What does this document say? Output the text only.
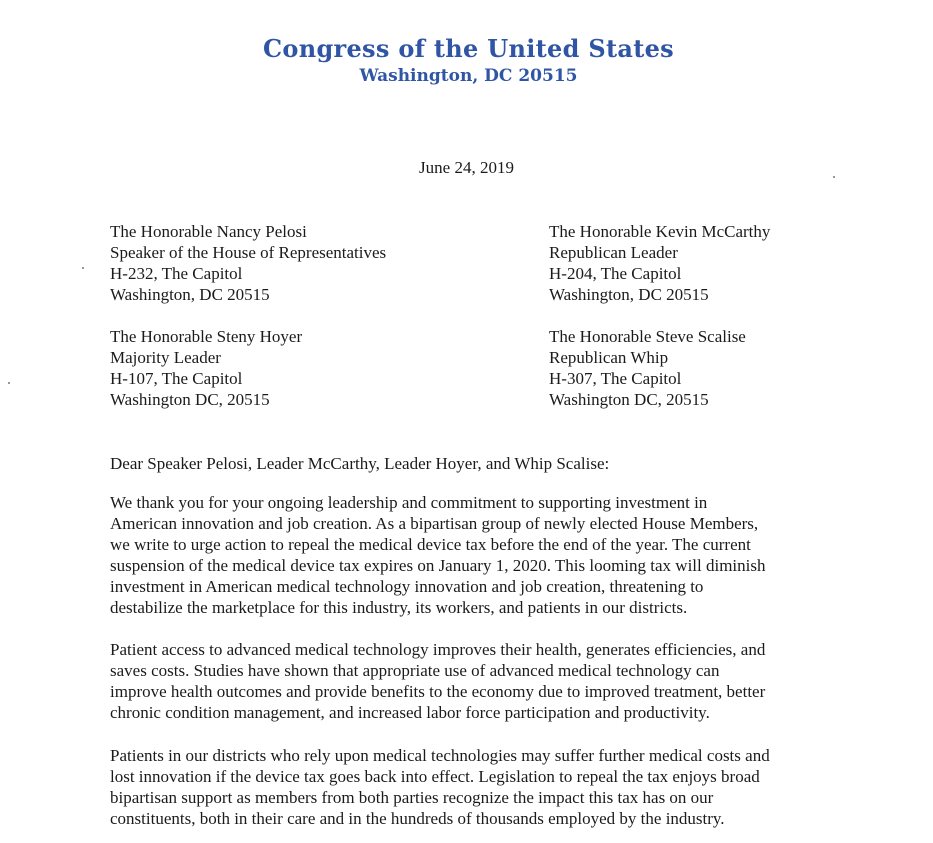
Congress of the United States
Washington, DC 20515
June 24, 2019
The Honorable Nancy Pelosi
Speaker of the House of Representatives
H-232, The Capitol
Washington, DC 20515
The Honorable Kevin McCarthy
Republican Leader
H-204, The Capitol
Washington, DC 20515
The Honorable Steny Hoyer
Majority Leader
H-107, The Capitol
Washington DC, 20515
The Honorable Steve Scalise
Republican Whip
H-307, The Capitol
Washington DC, 20515
Dear Speaker Pelosi, Leader McCarthy, Leader Hoyer, and Whip Scalise:
We thank you for your ongoing leadership and commitment to supporting investment in
American innovation and job creation. As a bipartisan group of newly elected House Members,
we write to urge action to repeal the medical device tax before the end of the year. The current
suspension of the medical device tax expires on January 1, 2020. This looming tax will diminish
investment in American medical technology innovation and job creation, threatening to
destabilize the marketplace for this industry, its workers, and patients in our districts.
Patient access to advanced medical technology improves their health, generates efficiencies, and
saves costs. Studies have shown that appropriate use of advanced medical technology can
improve health outcomes and provide benefits to the economy due to improved treatment, better
chronic condition management, and increased labor force participation and productivity.
Patients in our districts who rely upon medical technologies may suffer further medical costs and
lost innovation if the device tax goes back into effect. Legislation to repeal the tax enjoys broad
bipartisan support as members from both parties recognize the impact this tax has on our
constituents, both in their care and in the hundreds of thousands employed by the industry.
